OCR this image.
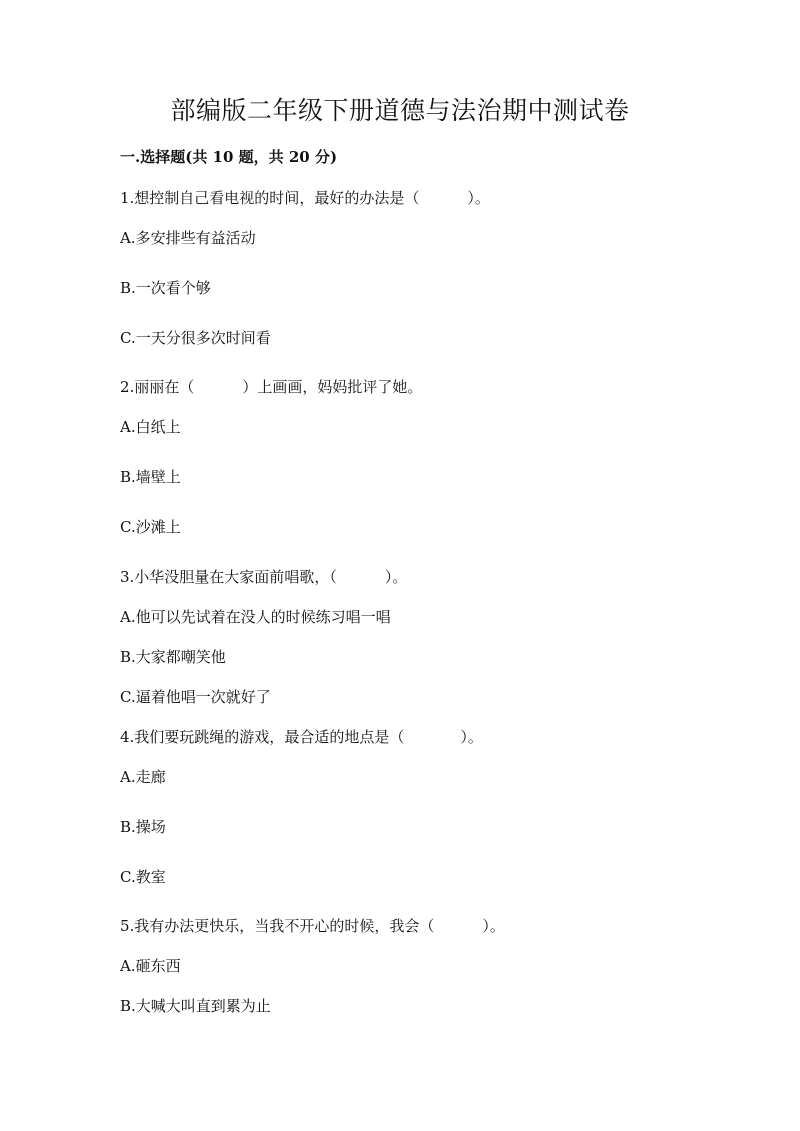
部编版二年级下册道德与法治期中测试卷
一.选择题(共 10 题，共 20 分)

1.想控制自己看电视的时间，最好的办法是（	）。

A.多安排些有益活动

B.一次看个够

C.一天分很多次时间看

2.丽丽在（	）上画画，妈妈批评了她。

A.白纸上

B.墙壁上

C.沙滩上

3.小华没胆量在大家面前唱歌，（	）。

A.他可以先试着在没人的时候练习唱一唱

B.大家都嘲笑他

C.逼着他唱一次就好了

4.我们要玩跳绳的游戏，最合适的地点是（	）。

A.走廊

B.操场

C.教室

5.我有办法更快乐，当我不开心的时候，我会（	）。

A.砸东西

B.大喊大叫直到累为止
